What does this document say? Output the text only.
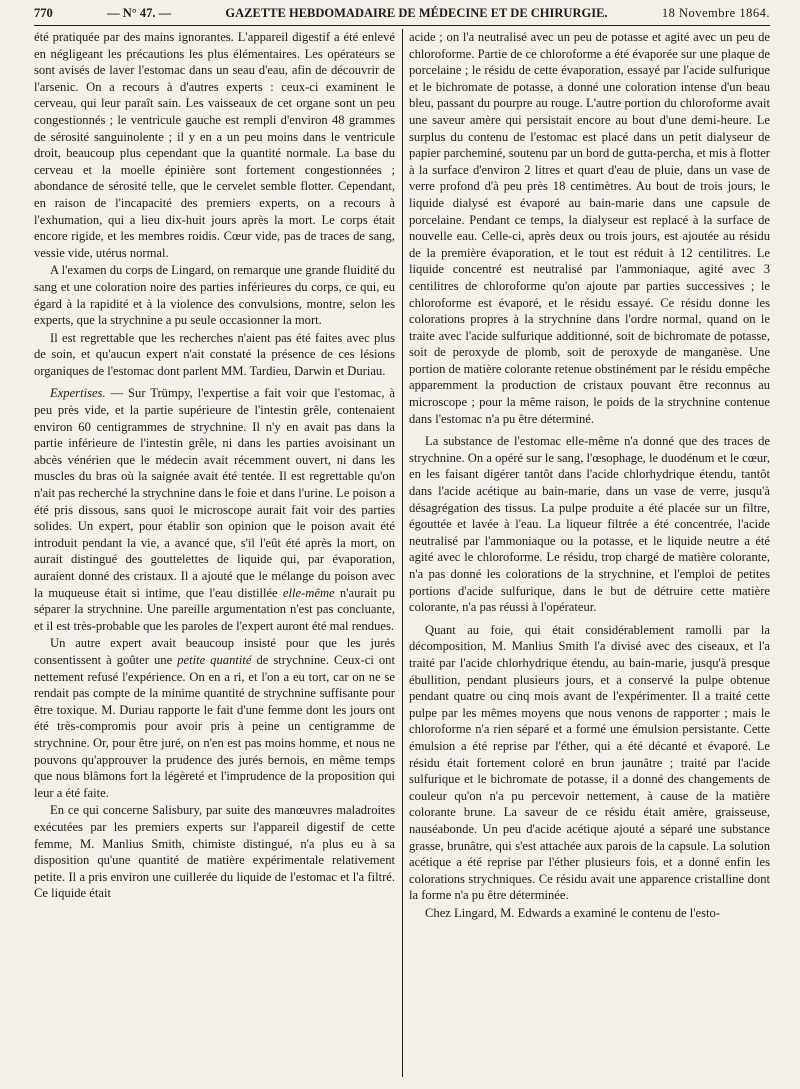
770	— N° 47. —	GAZETTE HEBDOMADAIRE DE MÉDECINE ET DE CHIRURGIE.	18 Novembre 1864.

été pratiquée par des mains ignorantes. L'appareil digestif a été enlevé en négligeant les précautions les plus élémentaires. Les opérateurs se sont avisés de laver l'estomac dans un seau d'eau, afin de découvrir de l'arsenic. On a recours à d'autres experts : ceux-ci examinent le cerveau, qui leur paraît sain. Les vaisseaux de cet organe sont un peu congestionnés ; le ventricule gauche est rempli d'environ 48 grammes de sérosité sanguinolente ; il y en a un peu moins dans le ventricule droit, beaucoup plus cependant que la quantité normale. La base du cerveau et la moelle épinière sont fortement congestionnées ; abondance de sérosité telle, que le cervelet semble flotter. Cependant, en raison de l'incapacité des premiers experts, on a recours à l'exhumation, qui a lieu dix-huit jours après la mort. Le corps était encore rigide, et les membres roidis. Cœur vide, pas de traces de sang, vessie vide, utérus normal.

A l'examen du corps de Lingard, on remarque une grande fluidité du sang et une coloration noire des parties inférieures du corps, ce qui, eu égard à la rapidité et à la violence des convulsions, montre, selon les experts, que la strychnine a pu seule occasionner la mort.

Il est regrettable que les recherches n'aient pas été faites avec plus de soin, et qu'aucun expert n'ait constaté la présence de ces lésions organiques de l'estomac dont parlent MM. Tardieu, Darwin et Duriau.

Expertises. — Sur Trümpy, l'expertise a fait voir que l'estomac, à peu près vide, et la partie supérieure de l'intestin grêle, contenaient environ 60 centigrammes de strychnine. Il n'y en avait pas dans la partie inférieure de l'intestin grêle, ni dans les parties avoisinant un abcès vénérien que le médecin avait récemment ouvert, ni dans les muscles du bras où la saignée avait été tentée. Il est regrettable qu'on n'ait pas recherché la strychnine dans le foie et dans l'urine. Le poison a été pris dissous, sans quoi le microscope aurait fait voir des parties solides. Un expert, pour établir son opinion que le poison avait été introduit pendant la vie, a avancé que, s'il l'eût été après la mort, on aurait distingué des gouttelettes de liquide qui, par évaporation, auraient donné des cristaux. Il a ajouté que le mélange du poison avec la muqueuse était si intime, que l'eau distillée elle-même n'aurait pu séparer la strychnine. Une pareille argumentation n'est pas concluante, et il est très-probable que les paroles de l'expert auront été mal rendues.

Un autre expert avait beaucoup insisté pour que les jurés consentissent à goûter une petite quantité de strychnine. Ceux-ci ont nettement refusé l'expérience. On en a ri, et l'on a eu tort, car on ne se rendait pas compte de la minime quantité de strychnine suffisante pour être toxique. M. Duriau rapporte le fait d'une femme dont les jours ont été très-compromis pour avoir pris à peine un centigramme de strychnine. Or, pour être juré, on n'en est pas moins homme, et nous ne pouvons qu'approuver la prudence des jurés bernois, en même temps que nous blâmons fort la légèreté et l'imprudence de la proposition qui leur a été faite.

En ce qui concerne Salisbury, par suite des manœuvres maladroites exécutées par les premiers experts sur l'appareil digestif de cette femme, M. Manlius Smith, chimiste distingué, n'a plus eu à sa disposition qu'une quantité de matière expérimentale relativement petite. Il a pris environ une cuillerée du liquide de l'estomac et l'a filtré. Ce liquide était

acide ; on l'a neutralisé avec un peu de potasse et agité avec un peu de chloroforme. Partie de ce chloroforme a été évaporée sur une plaque de porcelaine ; le résidu de cette évaporation, essayé par l'acide sulfurique et le bichromate de potasse, a donné une coloration intense d'un beau bleu, passant du pourpre au rouge. L'autre portion du chloroforme avait une saveur amère qui persistait encore au bout d'une demi-heure. Le surplus du contenu de l'estomac est placé dans un petit dialyseur de papier parcheminé, soutenu par un bord de gutta-percha, et mis à flotter à la surface d'environ 2 litres et quart d'eau de pluie, dans un vase de verre profond d'à peu près 18 centimètres. Au bout de trois jours, le liquide dialysé est évaporé au bain-marie dans une capsule de porcelaine. Pendant ce temps, la dialyseur est replacé à la surface de nouvelle eau. Celle-ci, après deux ou trois jours, est ajoutée au résidu de la première évaporation, et le tout est réduit à 12 centilitres. Le liquide concentré est neutralisé par l'ammoniaque, agité avec 3 centilitres de chloroforme qu'on ajoute par parties successives ; le chloroforme est évaporé, et le résidu essayé. Ce résidu donne les colorations propres à la strychnine dans l'ordre normal, quand on le traite avec l'acide sulfurique additionné, soit de bichromate de potasse, soit de peroxyde de plomb, soit de peroxyde de manganèse. Une portion de matière colorante retenue obstinément par le résidu empêche apparemment la production de cristaux pouvant être reconnus au microscope ; pour la même raison, le poids de la strychnine contenue dans l'estomac n'a pu être déterminé.

La substance de l'estomac elle-même n'a donné que des traces de strychnine. On a opéré sur le sang, l'œsophage, le duodénum et le cœur, en les faisant digérer tantôt dans l'acide chlorhydrique étendu, tantôt dans l'acide acétique au bain-marie, dans un vase de verre, jusqu'à désagrégation des tissus. La pulpe produite a été placée sur un filtre, égouttée et lavée à l'eau. La liqueur filtrée a été concentrée, l'acide neutralisé par l'ammoniaque ou la potasse, et le liquide neutre a été agité avec le chloroforme. Le résidu, trop chargé de matière colorante, n'a pas donné les colorations de la strychnine, et l'emploi de petites portions d'acide sulfurique, dans le but de détruire cette matière colorante, n'a pas réussi à l'opérateur.

Quant au foie, qui était considérablement ramolli par la décomposition, M. Manlius Smith l'a divisé avec des ciseaux, et l'a traité par l'acide chlorhydrique étendu, au bain-marie, jusqu'à presque ébullition, pendant plusieurs jours, et a conservé la pulpe obtenue pendant quatre ou cinq mois avant de l'expérimenter. Il a traité cette pulpe par les mêmes moyens que nous venons de rapporter ; mais le chloroforme n'a rien séparé et a formé une émulsion persistante. Cette émulsion a été reprise par l'éther, qui a été décanté et évaporé. Le résidu était fortement coloré en brun jaunâtre ; traité par l'acide sulfurique et le bichromate de potasse, il a donné des changements de couleur qu'on n'a pu percevoir nettement, à cause de la matière colorante brune. La saveur de ce résidu était amère, graisseuse, nauséabonde. Un peu d'acide acétique ajouté a séparé une substance grasse, brunâtre, qui s'est attachée aux parois de la capsule. La solution acétique a été reprise par l'éther plusieurs fois, et a donné enfin les colorations strychniques. Ce résidu avait une apparence cristalline dont la forme n'a pu être déterminée.

Chez Lingard, M. Edwards a examiné le contenu de l'esto-
